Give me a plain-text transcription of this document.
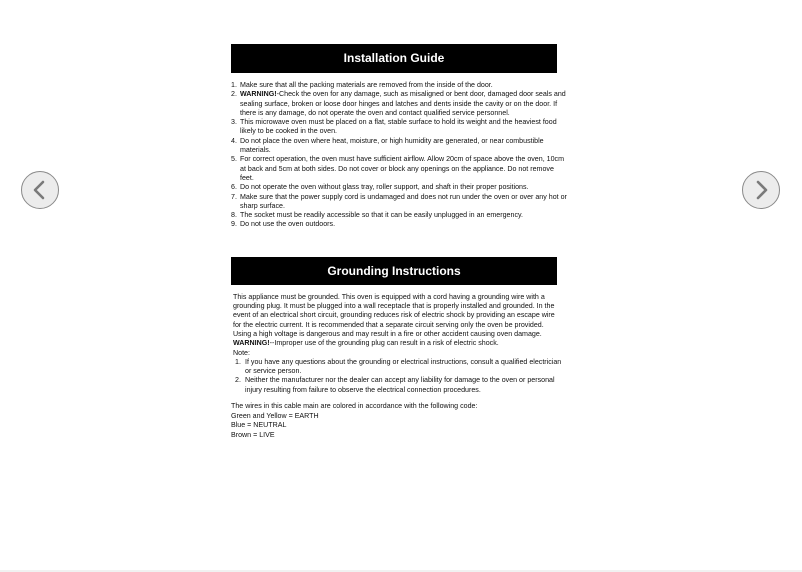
Installation Guide
1. Make sure that all the packing materials are removed from the inside of the door.
2. WARNING!-Check the oven for any damage, such as misaligned or bent door, damaged door seals and sealing surface, broken or loose door hinges and latches and dents inside the cavity or on the door. If there is any damage, do not operate the oven and contact qualified service personnel.
3. This microwave oven must be placed on a flat, stable surface to hold its weight and the heaviest food likely to be cooked in the oven.
4. Do not place the oven where heat, moisture, or high humidity are generated, or near combustible materials.
5. For correct operation, the oven must have sufficient airflow. Allow 20cm of space above the oven, 10cm at back and 5cm at both sides. Do not cover or block any openings on the appliance. Do not remove feet.
6. Do not operate the oven without glass tray, roller support, and shaft in their proper positions.
7. Make sure that the power supply cord is undamaged and does not run under the oven or over any hot or sharp surface.
8. The socket must be readily accessible so that it can be easily unplugged in an emergency.
9. Do not use the oven outdoors.
Grounding Instructions

This appliance must be grounded. This oven is equipped with a cord having a grounding wire with a grounding plug. It must be plugged into a wall receptacle that is properly installed and grounded. In the event of an electrical short circuit, grounding reduces risk of electric shock by providing an escape wire for the electric current. It is recommended that a separate circuit serving only the oven be provided. Using a high voltage is dangerous and may result in a fire or other accident causing oven damage.

WARNING!--Improper use of the grounding plug can result in a risk of electric shock.

Note:

1. If you have any questions about the grounding or electrical instructions, consult a qualified electrician or service person.
2. Neither the manufacturer nor the dealer can accept any liability for damage to the oven or personal injury resulting from failure to observe the electrical connection procedures.
The wires in this cable main are colored in accordance with the following code:
Green and Yellow = EARTH
Blue = NEUTRAL
Brown = LIVE
